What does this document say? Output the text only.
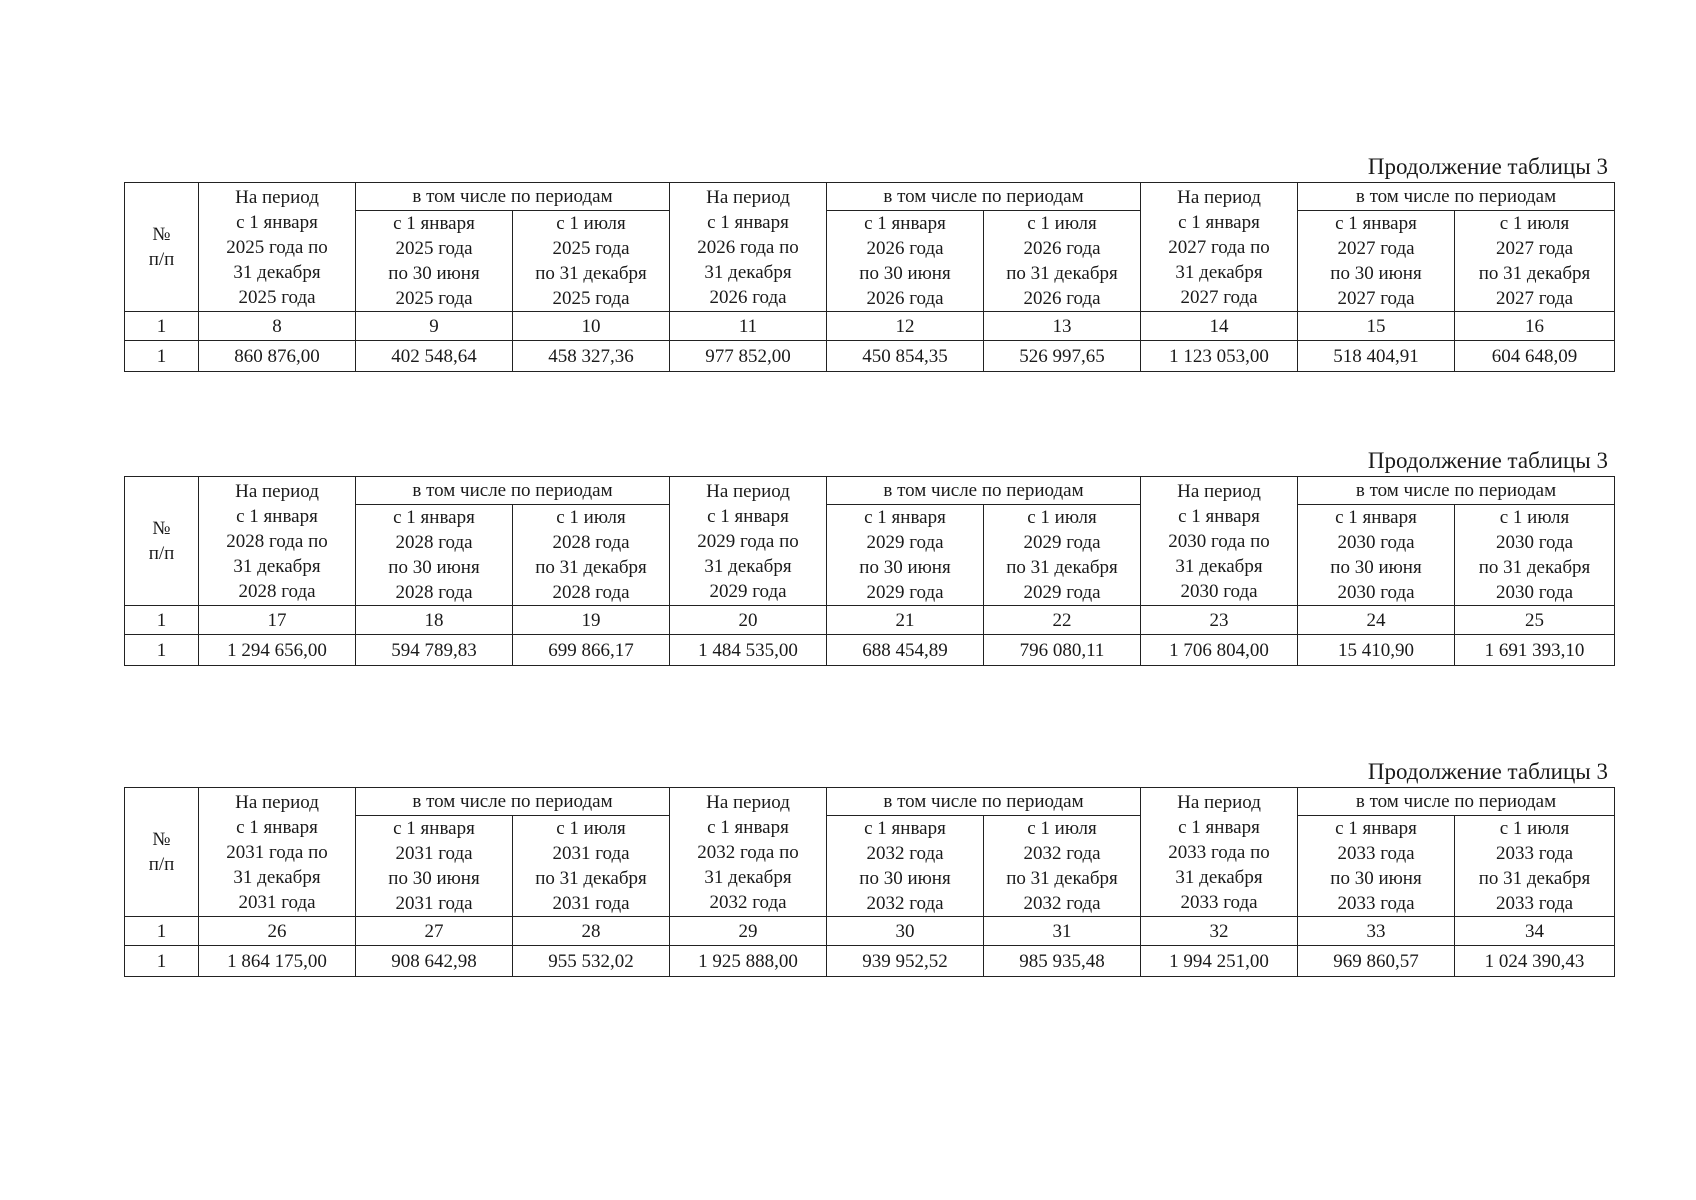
Продолжение таблицы 3
№
п/п	На период
с 1 января
2025 года по
31 декабря
2025 года	в том числе по периодам		На период
с 1 января
2026 года по
31 декабря
2026 года	в том числе по периодам		На период
с 1 января
2027 года по
31 декабря
2027 года	в том числе по периодам	

		с 1 января
2025 года
по 30 июня
2025 года	с 1 июля
2025 года
по 31 декабря
2025 года		с 1 января
2026 года
по 30 июня
2026 года	с 1 июля
2026 года
по 31 декабря
2026 года		с 1 января
2027 года
по 30 июня
2027 года	с 1 июля
2027 года
по 31 декабря
2027 года

1	8	9	10	11	12	13	14	15	16
1	860 876,00	402 548,64	458 327,36	977 852,00	450 854,35	526 997,65	1 123 053,00	518 404,91	604 648,09
Продолжение таблицы 3
№
п/п	На период
с 1 января
2028 года по
31 декабря
2028 года	в том числе по периодам		На период
с 1 января
2029 года по
31 декабря
2029 года	в том числе по периодам		На период
с 1 января
2030 года по
31 декабря
2030 года	в том числе по периодам	

		с 1 января
2028 года
по 30 июня
2028 года	с 1 июля
2028 года
по 31 декабря
2028 года		с 1 января
2029 года
по 30 июня
2029 года	с 1 июля
2029 года
по 31 декабря
2029 года		с 1 января
2030 года
по 30 июня
2030 года	с 1 июля
2030 года
по 31 декабря
2030 года

1	17	18	19	20	21	22	23	24	25
1	1 294 656,00	594 789,83	699 866,17	1 484 535,00	688 454,89	796 080,11	1 706 804,00	15 410,90	1 691 393,10
Продолжение таблицы 3
№
п/п	На период
с 1 января
2031 года по
31 декабря
2031 года	в том числе по периодам		На период
с 1 января
2032 года по
31 декабря
2032 года	в том числе по периодам		На период
с 1 января
2033 года по
31 декабря
2033 года	в том числе по периодам	

		с 1 января
2031 года
по 30 июня
2031 года	с 1 июля
2031 года
по 31 декабря
2031 года		с 1 января
2032 года
по 30 июня
2032 года	с 1 июля
2032 года
по 31 декабря
2032 года		с 1 января
2033 года
по 30 июня
2033 года	с 1 июля
2033 года
по 31 декабря
2033 года

1	26	27	28	29	30	31	32	33	34
1	1 864 175,00	908 642,98	955 532,02	1 925 888,00	939 952,52	985 935,48	1 994 251,00	969 860,57	1 024 390,43
